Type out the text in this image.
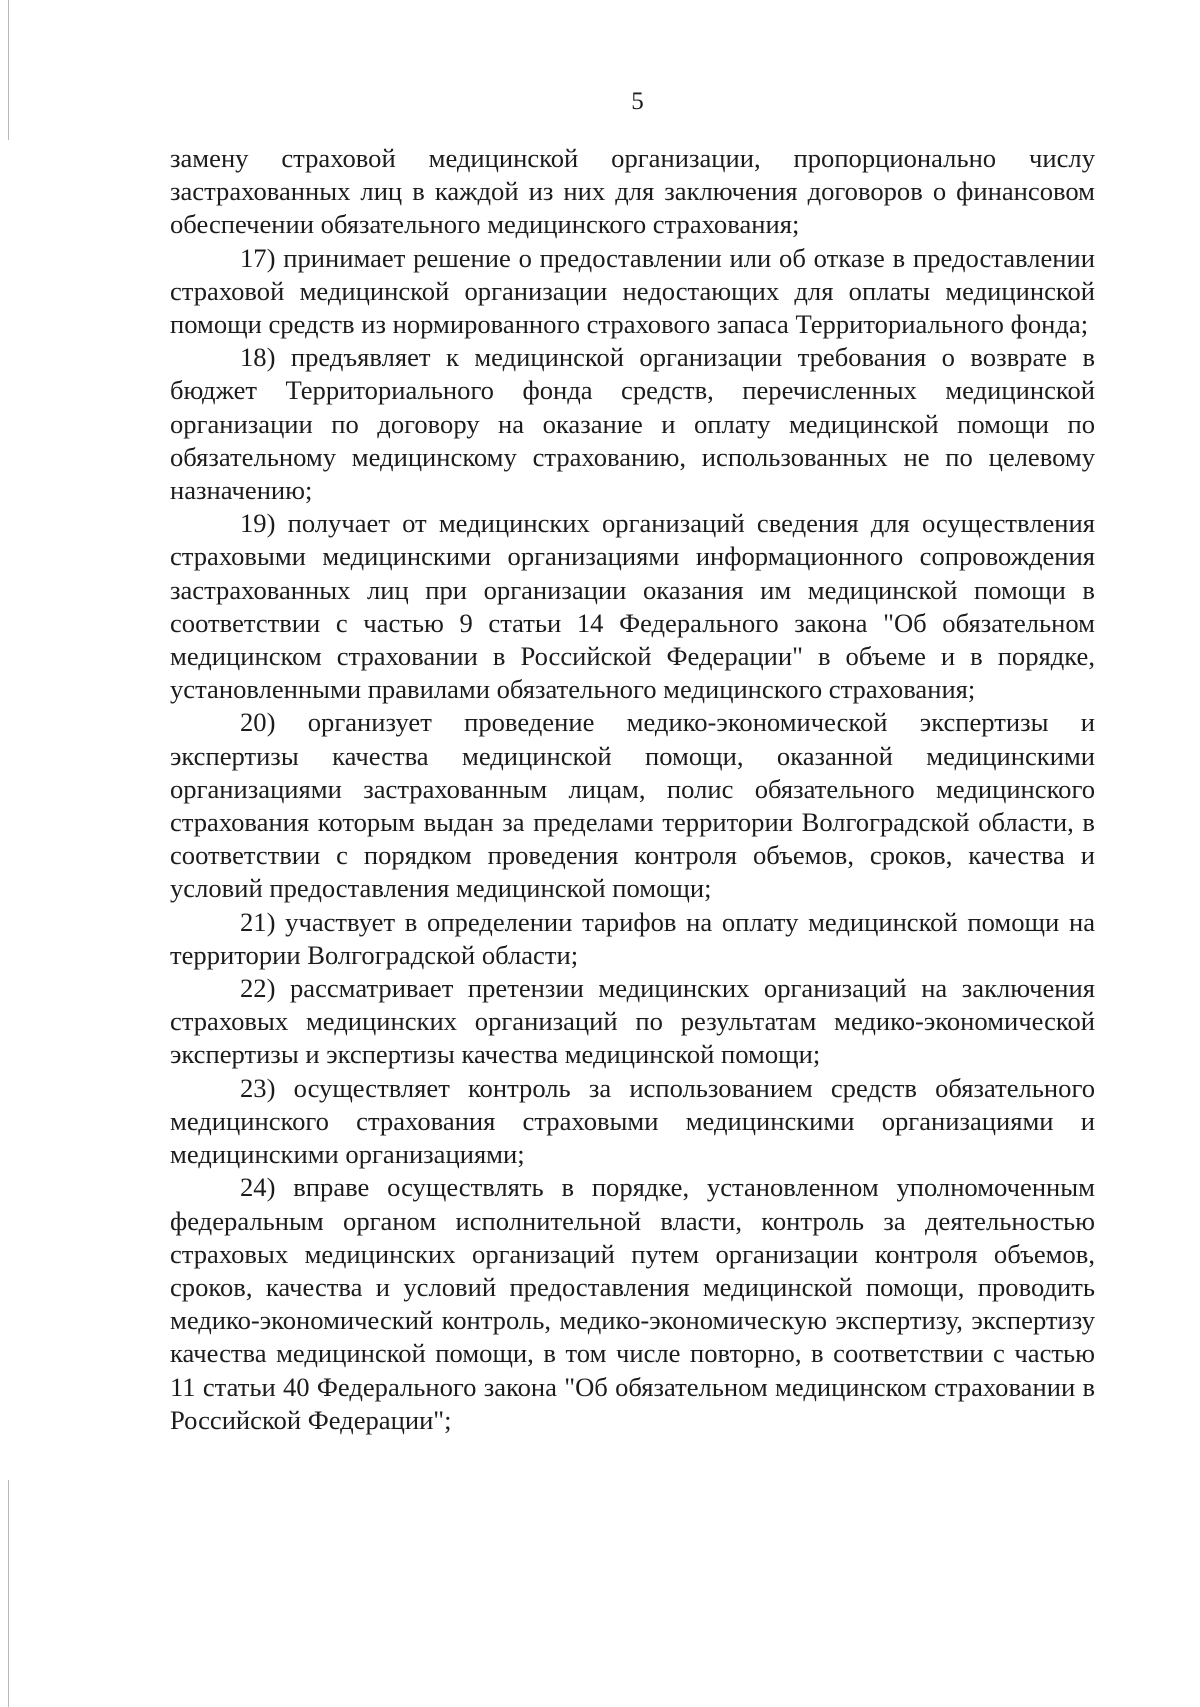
5

замену страховой медицинской организации, пропорционально числу застрахованных лиц в каждой из них для заключения договоров о финансовом обеспечении обязательного медицинского страхования;

17) принимает решение о предоставлении или об отказе в предоставлении страховой медицинской организации недостающих для оплаты медицинской помощи средств из нормированного страхового запаса Территориального фонда;

18) предъявляет к медицинской организации требования о возврате в бюджет Территориального фонда средств, перечисленных медицинской организации по договору на оказание и оплату медицинской помощи по обязательному медицинскому страхованию, использованных не по целевому назначению;

19) получает от медицинских организаций сведения для осуществления страховыми медицинскими организациями информационного сопровождения застрахованных лиц при организации оказания им медицинской помощи в соответствии с частью 9 статьи 14 Федерального закона "Об обязательном медицинском страховании в Российской Федерации" в объеме и в порядке, установленными правилами обязательного медицинского страхования;

20) организует проведение медико-экономической экспертизы и экспертизы качества медицинской помощи, оказанной медицинскими организациями застрахованным лицам, полис обязательного медицинского страхования которым выдан за пределами территории Волгоградской области, в соответствии с порядком проведения контроля объемов, сроков, качества и условий предоставления медицинской помощи;

21) участвует в определении тарифов на оплату медицинской помощи на территории Волгоградской области;

22) рассматривает претензии медицинских организаций на заключения страховых медицинских организаций по результатам медико-экономической экспертизы и экспертизы качества медицинской помощи;

23) осуществляет контроль за использованием средств обязательного медицинского страхования страховыми медицинскими организациями и медицинскими организациями;

24) вправе осуществлять в порядке, установленном уполномоченным федеральным органом исполнительной власти, контроль за деятельностью страховых медицинских организаций путем организации контроля объемов, сроков, качества и условий предоставления медицинской помощи, проводить медико-экономический контроль, медико-экономическую экспертизу, экспертизу качества медицинской помощи, в том числе повторно, в соответствии с частью 11 статьи 40 Федерального закона "Об обязательном медицинском страховании в Российской Федерации";
